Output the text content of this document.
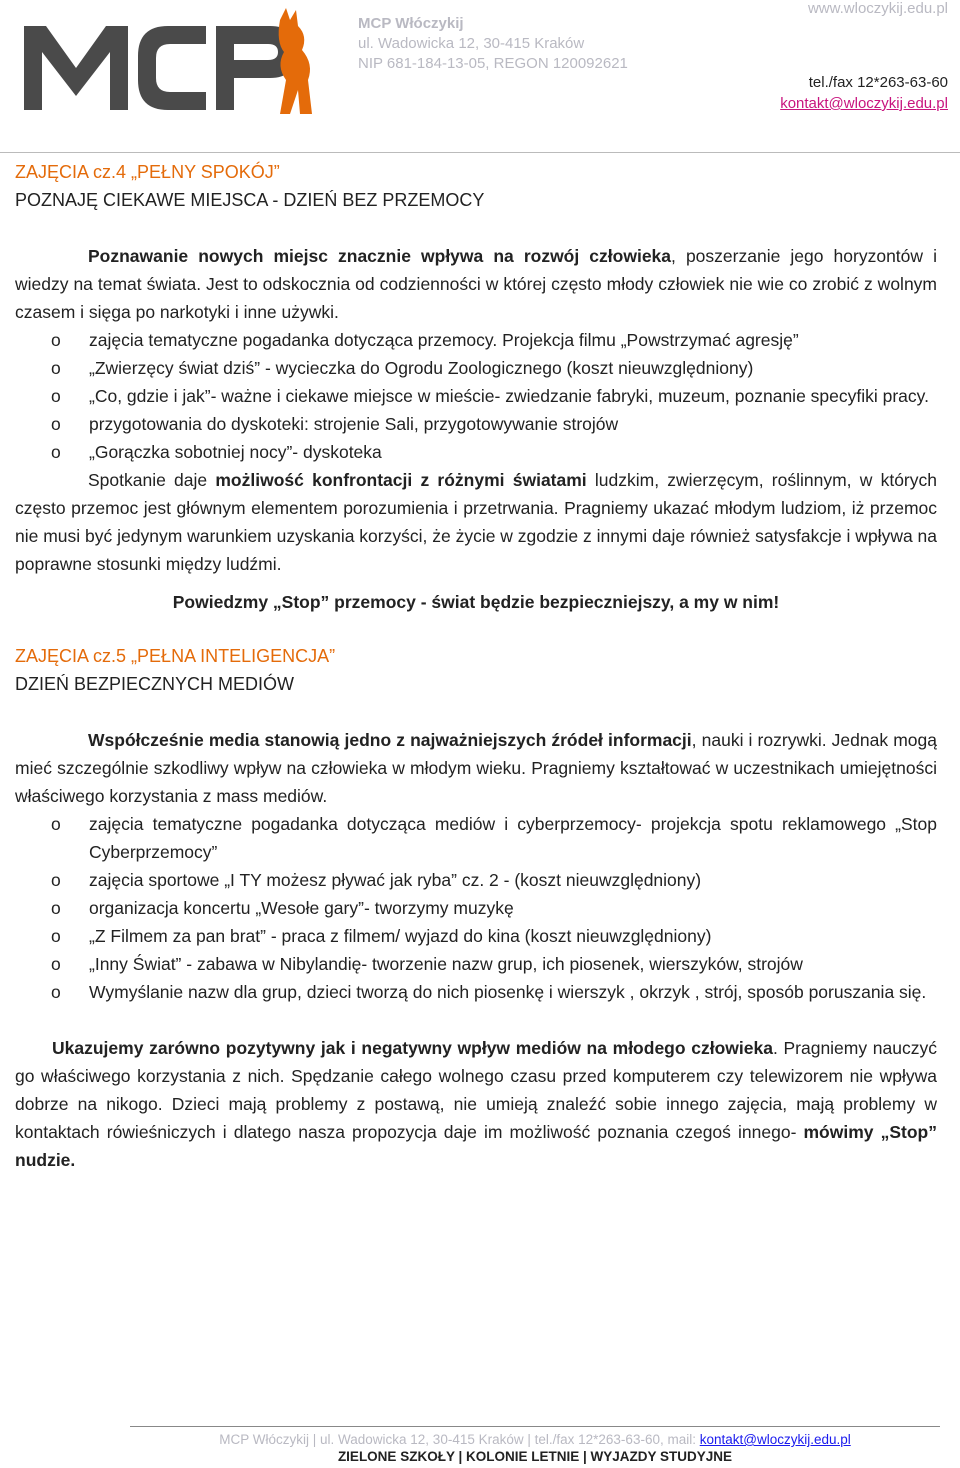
MCP Włóczykij
ul. Wadowicka 12, 30-415 Kraków
NIP 681-184-13-05, REGON 120092621
www.wloczykij.edu.pl
tel./fax 12*263-63-60
kontakt@wloczykij.edu.pl
ZAJĘCIA cz.4 „PEŁNY SPOKÓJ”
POZNAJĘ CIEKAWE MIEJSCA - DZIEŃ BEZ PRZEMOCY

Poznawanie nowych miejsc znacznie wpływa na rozwój człowieka, poszerzanie jego horyzontów i wiedzy na temat świata. Jest to odskocznia od codzienności w której często młody człowiek nie wie co zrobić z wolnym czasem i sięga po narkotyki i inne używki.

o zajęcia tematyczne pogadanka dotycząca przemocy. Projekcja filmu „Powstrzymać agresję”
o „Zwierzęcy świat dziś” - wycieczka do Ogrodu Zoologicznego (koszt nieuwzględniony)
o „Co, gdzie i jak”- ważne i ciekawe miejsce w mieście- zwiedzanie fabryki, muzeum, poznanie specyfiki pracy.
o przygotowania do dyskoteki: strojenie Sali, przygotowywanie strojów
o „Gorączka sobotniej nocy”- dyskoteka

Spotkanie daje możliwość konfrontacji z różnymi światami ludzkim, zwierzęcym, roślinnym, w których często przemoc jest głównym elementem porozumienia i przetrwania. Pragniemy ukazać młodym ludziom, iż przemoc nie musi być jedynym warunkiem uzyskania korzyści, że życie w zgodzie z innymi daje również satysfakcje i wpływa na poprawne stosunki między ludźmi.

Powiedzmy „Stop” przemocy - świat będzie bezpieczniejszy, a my w nim!
ZAJĘCIA cz.5 „PEŁNA INTELIGENCJA”
DZIEŃ BEZPIECZNYCH MEDIÓW

Współcześnie media stanowią jedno z najważniejszych źródeł informacji, nauki i rozrywki. Jednak mogą mieć szczególnie szkodliwy wpływ na człowieka w młodym wieku. Pragniemy kształtować w uczestnikach umiejętności właściwego korzystania z mass mediów.

o zajęcia tematyczne pogadanka dotycząca mediów i cyberprzemocy- projekcja spotu reklamowego „Stop Cyberprzemocy”
o zajęcia sportowe „I TY możesz pływać jak ryba” cz. 2 - (koszt nieuwzględniony)
o organizacja koncertu „Wesołe gary”- tworzymy muzykę
o „Z Filmem za pan brat” - praca z filmem/ wyjazd do kina (koszt nieuwzględniony)
o „Inny Świat” - zabawa w Nibylandię- tworzenie nazw grup, ich piosenek, wierszyków, strojów
o Wymyślanie nazw dla grup, dzieci tworzą do nich piosenkę i wierszyk , okrzyk , strój, sposób poruszania się.

Ukazujemy zarówno pozytywny jak i negatywny wpływ mediów na młodego człowieka. Pragniemy nauczyć go właściwego korzystania z nich. Spędzanie całego wolnego czasu przed komputerem czy telewizorem nie wpływa dobrze na nikogo. Dzieci mają problemy z postawą, nie umieją znaleźć sobie innego zajęcia, mają problemy w kontaktach rówieśniczych i dlatego nasza propozycja daje im możliwość poznania czegoś innego- mówimy „Stop” nudzie.

MCP Włóczykij | ul. Wadowicka 12, 30-415 Kraków | tel./fax 12*263-63-60, mail: kontakt@wloczykij.edu.pl
ZIELONE SZKOŁY | KOLONIE LETNIE | WYJAZDY STUDYJNE
